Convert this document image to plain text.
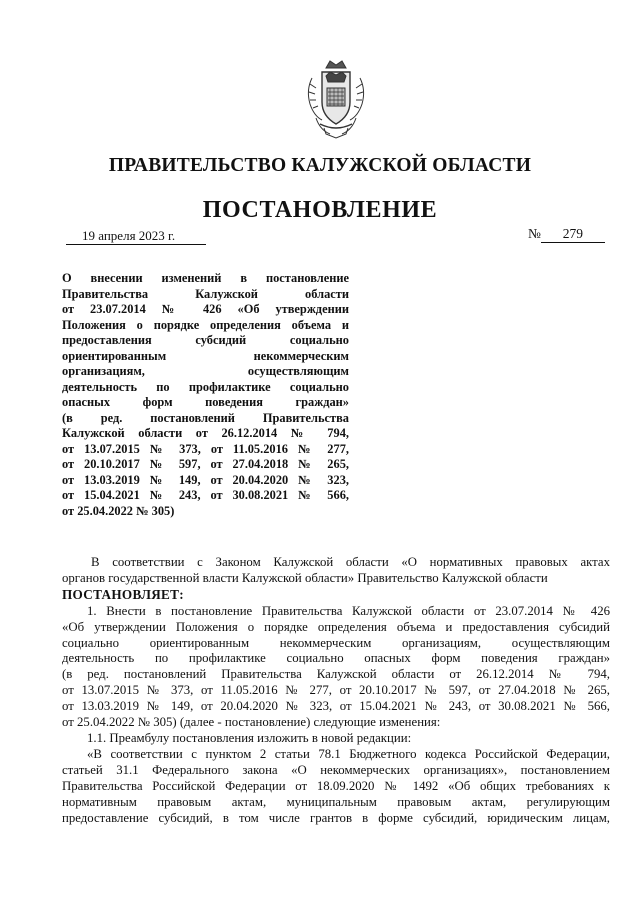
ПРАВИТЕЛЬСТВО КАЛУЖСКОЙ ОБЛАСТИ
ПОСТАНОВЛЕНИЕ
19 апреля 2023 г.	№ 279

О внесении изменений в постановление

Правительства Калужской области

от 23.07.2014 № 426 «Об утверждении

Положения о порядке определения объема и

предоставления субсидий социально

ориентированным некоммерческим

организациям, осуществляющим

деятельность по профилактике социально

опасных форм поведения граждан»

(в ред. постановлений Правительства

Калужской области от 26.12.2014 № 794,

от 13.07.2015 № 373, от 11.05.2016 № 277,

от 20.10.2017 № 597, от 27.04.2018 № 265,

от 13.03.2019 № 149, от 20.04.2020 № 323,

от 15.04.2021 № 243, от 30.08.2021 № 566,

от 25.04.2022 № 305)

В соответствии с Законом Калужской области «О нормативных правовых актах

органов государственной власти Калужской области» Правительство Калужской области

ПОСТАНОВЛЯЕТ:

1. Внести в постановление Правительства Калужской области от 23.07.2014 № 426

«Об утверждении Положения о порядке определения объема и предоставления субсидий

социально ориентированным некоммерческим организациям, осуществляющим

деятельность по профилактике социально опасных форм поведения граждан»

(в ред. постановлений Правительства Калужской области от 26.12.2014 № 794,

от 13.07.2015 № 373, от 11.05.2016 № 277, от 20.10.2017 № 597, от 27.04.2018 № 265,

от 13.03.2019 № 149, от 20.04.2020 № 323, от 15.04.2021 № 243, от 30.08.2021 № 566,

от 25.04.2022 № 305) (далее - постановление) следующие изменения:

1.1. Преамбулу постановления изложить в новой редакции:

«В соответствии с пунктом 2 статьи 78.1 Бюджетного кодекса Российской Федерации,

статьей 31.1 Федерального закона «О некоммерческих организациях», постановлением

Правительства Российской Федерации от 18.09.2020 № 1492 «Об общих требованиях к

нормативным правовым актам, муниципальным правовым актам, регулирующим

предоставление субсидий, в том числе грантов в форме субсидий, юридическим лицам,
